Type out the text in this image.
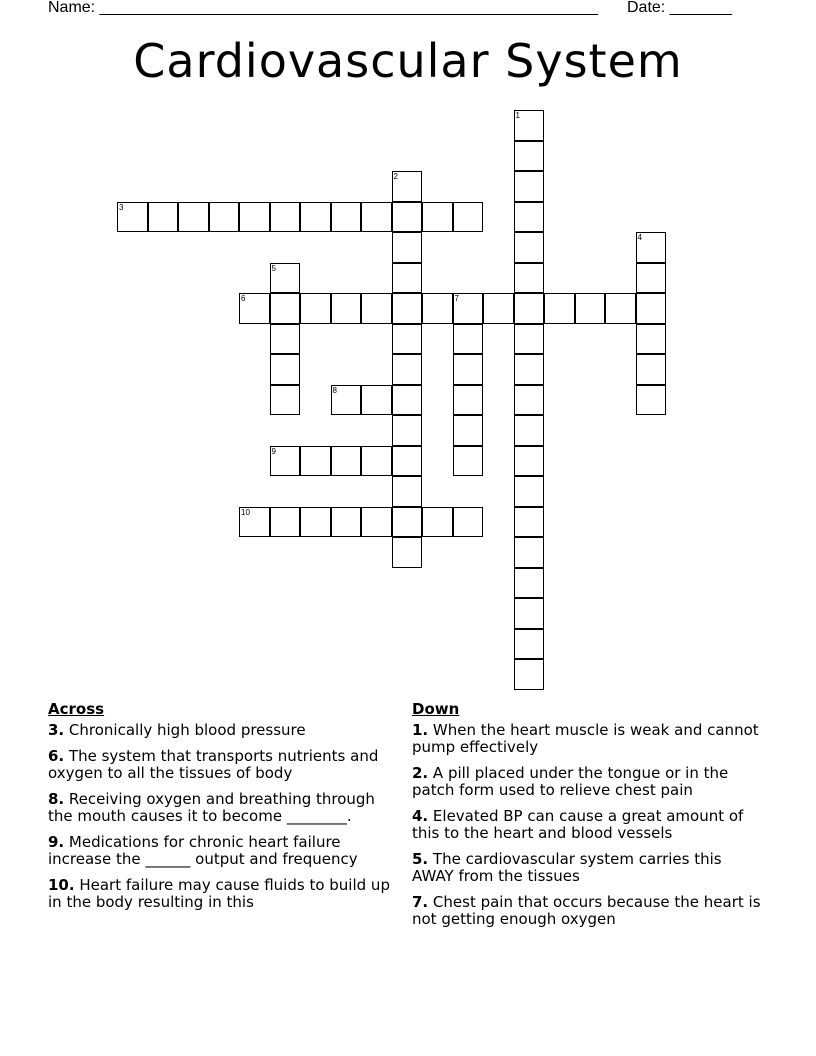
Name: ________________________________________________________ Date: _______
Cardiovascular System
1
2
3
4
5
6	7
8
9
10
Across
3. Chronically high blood pressure
6. The system that transports nutrients and oxygen to all the tissues of body
8. Receiving oxygen and breathing through the mouth causes it to become ________.
9. Medications for chronic heart failure increase the ______ output and frequency
10. Heart failure may cause fluids to build up in the body resulting in this
Down
1. When the heart muscle is weak and cannot pump effectively
2. A pill placed under the tongue or in the patch form used to relieve chest pain
4. Elevated BP can cause a great amount of this to the heart and blood vessels
5. The cardiovascular system carries this AWAY from the tissues
7. Chest pain that occurs because the heart is not getting enough oxygen
